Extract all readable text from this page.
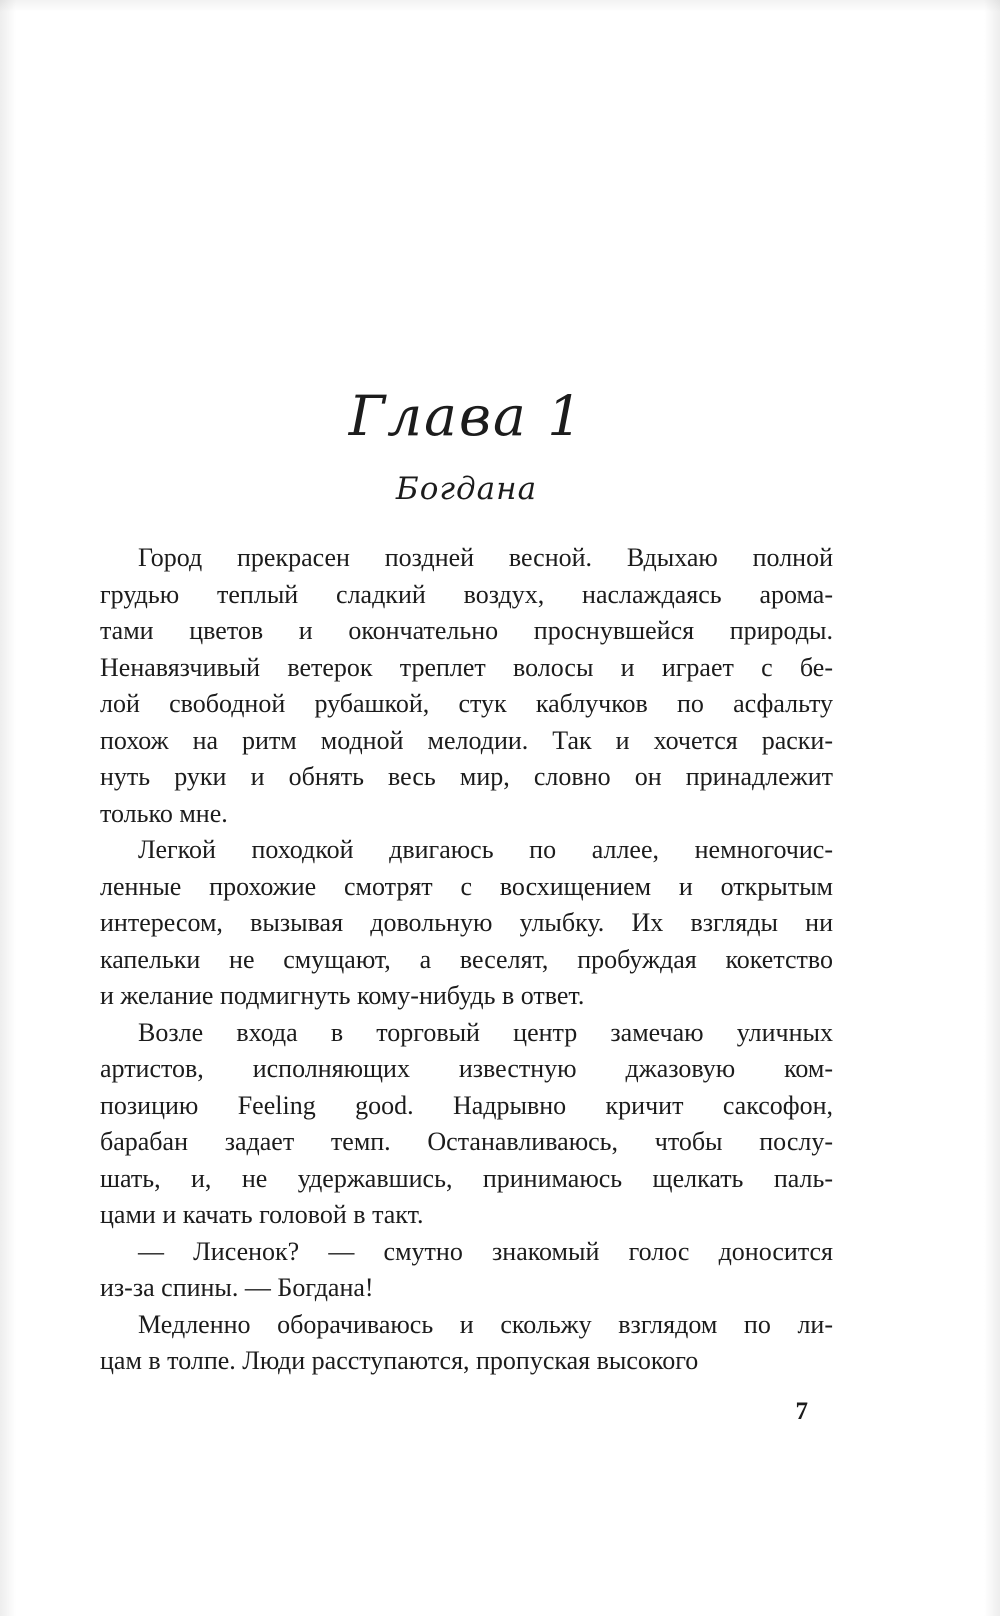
Глава 1
Богдана
Город прекрасен поздней весной. Вдыхаю полной
грудью теплый сладкий воздух, наслаждаясь арома-
тами цветов и окончательно проснувшейся природы.
Ненавязчивый ветерок треплет волосы и играет с бе-
лой свободной рубашкой, стук каблучков по асфальту
похож на ритм модной мелодии. Так и хочется раски-
нуть руки и обнять весь мир, словно он принадлежит
только мне.
Легкой походкой двигаюсь по аллее, немногочис-
ленные прохожие смотрят с восхищением и открытым
интересом, вызывая довольную улыбку. Их взгляды ни
капельки не смущают, а веселят, пробуждая кокетство
и желание подмигнуть кому-нибудь в ответ.
Возле входа в торговый центр замечаю уличных
артистов, исполняющих известную джазовую ком-
позицию Feeling good. Надрывно кричит саксофон,
барабан задает темп. Останавливаюсь, чтобы послу-
шать, и, не удержавшись, принимаюсь щелкать паль-
цами и качать головой в такт.
— Лисенок? — смутно знакомый голос доносится
из-за спины. — Богдана!
Медленно оборачиваюсь и скольжу взглядом по ли-
цам в толпе. Люди расступаются, пропуская высокого
7
